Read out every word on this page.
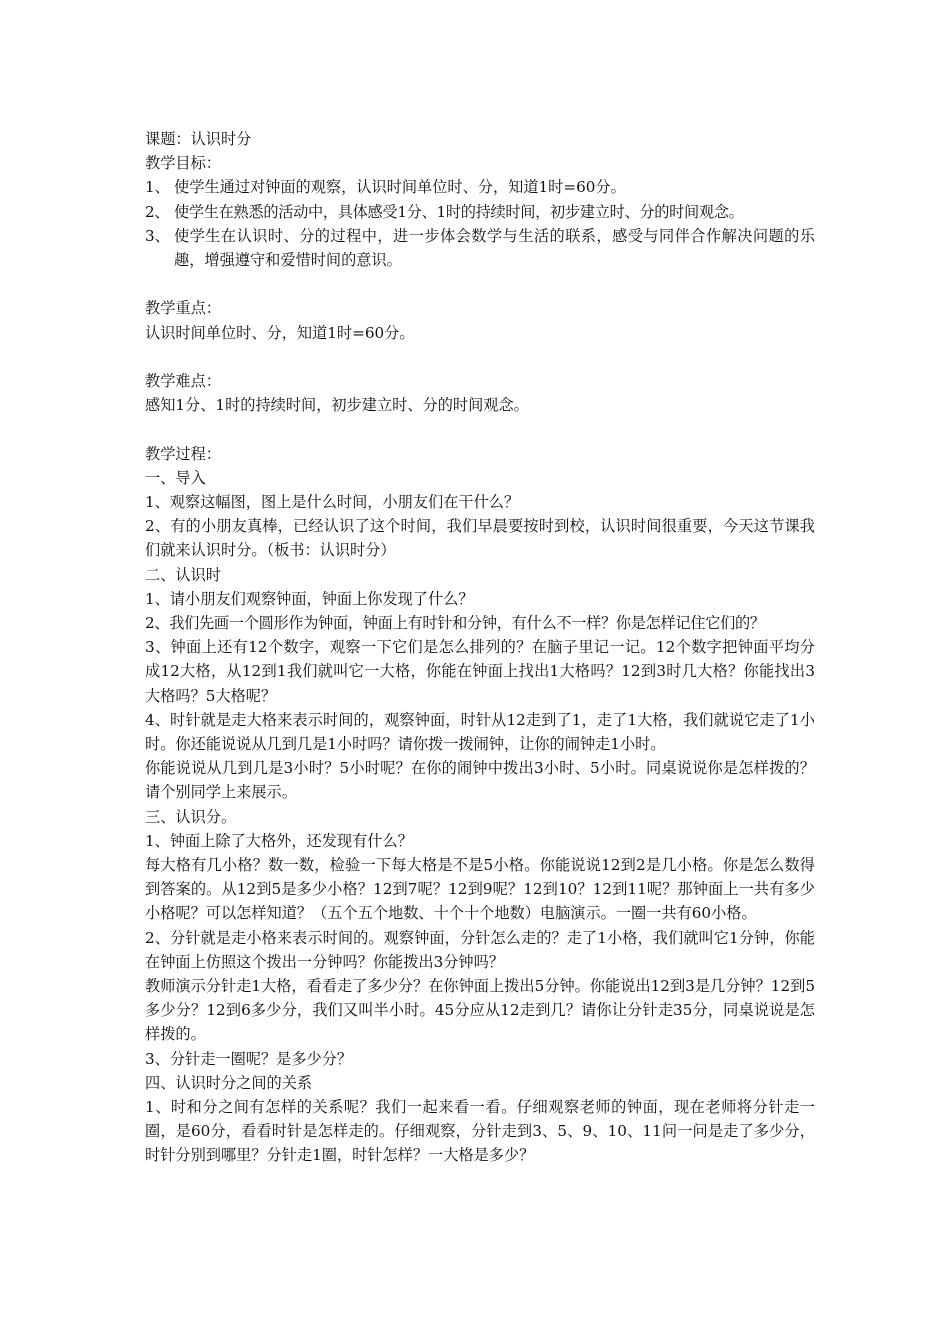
课题：认识时分

教学目标：

1、 使学生通过对钟面的观察，认识时间单位时、分，知道1时=60分。
2、 使学生在熟悉的活动中，具体感受1分、1时的持续时间，初步建立时、分的时间观念。
3、 使学生在认识时、分的过程中，进一步体会数学与生活的联系，感受与同伴合作解决问题的乐趣，增强遵守和爱惜时间的意识。

教学重点：

认识时间单位时、分，知道1时=60分。

教学难点：

感知1分、1时的持续时间，初步建立时、分的时间观念。

教学过程：

一、导入

1、观察这幅图，图上是什么时间，小朋友们在干什么？

2、有的小朋友真棒，已经认识了这个时间，我们早晨要按时到校，认识时间很重要，今天这节课我们就来认识时分。（板书：认识时分）

二、认识时

1、请小朋友们观察钟面，钟面上你发现了什么？

2、我们先画一个圆形作为钟面，钟面上有时针和分钟，有什么不一样？你是怎样记住它们的？

3、钟面上还有12个数字，观察一下它们是怎么排列的？在脑子里记一记。12个数字把钟面平均分成12大格，从12到1我们就叫它一大格，你能在钟面上找出1大格吗？12到3时几大格？你能找出3大格吗？5大格呢？

4、时针就是走大格来表示时间的，观察钟面，时针从12走到了1，走了1大格，我们就说它走了1小时。你还能说说从几到几是1小时吗？请你拨一拨闹钟，让你的闹钟走1小时。

你能说说从几到几是3小时？5小时呢？在你的闹钟中拨出3小时、5小时。同桌说说你是怎样拨的？请个别同学上来展示。

三、认识分。

1、钟面上除了大格外，还发现有什么？

每大格有几小格？数一数，检验一下每大格是不是5小格。你能说说12到2是几小格。你是怎么数得到答案的。从12到5是多少小格？12到7呢？12到9呢？12到10？12到11呢？那钟面上一共有多少小格呢？可以怎样知道？（五个五个地数、十个十个地数）电脑演示。一圈一共有60小格。

2、分针就是走小格来表示时间的。观察钟面，分针怎么走的？走了1小格，我们就叫它1分钟，你能在钟面上仿照这个拨出一分钟吗？你能拨出3分钟吗？

教师演示分针走1大格，看看走了多少分？在你钟面上拨出5分钟。你能说出12到3是几分钟？12到5多少分？12到6多少分，我们又叫半小时。45分应从12走到几？请你让分针走35分，同桌说说是怎样拨的。

3、分针走一圈呢？是多少分？

四、认识时分之间的关系

1、时和分之间有怎样的关系呢？我们一起来看一看。仔细观察老师的钟面，现在老师将分针走一圈，是60分，看看时针是怎样走的。仔细观察，分针走到3、5、9、10、11问一问是走了多少分，时针分别到哪里？分针走1圈，时针怎样？一大格是多少？
